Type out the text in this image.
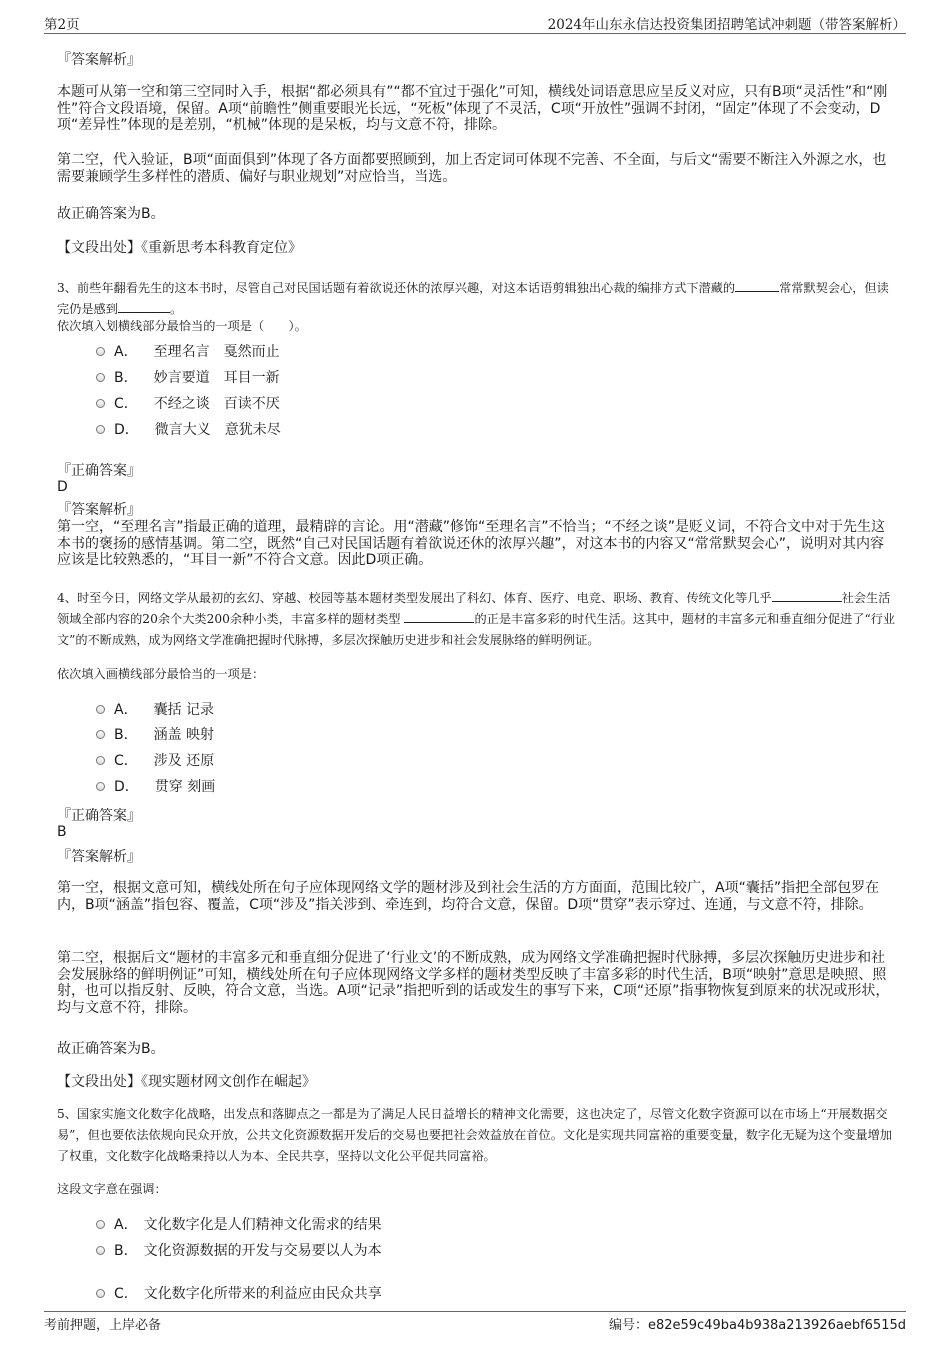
第2页	2024年山东永信达投资集团招聘笔试冲刺题（带答案解析）
『答案解析』

本题可从第一空和第三空同时入手，根据“都必须具有”“都不宜过于强化”可知，横线处词语意思应呈反义对应，只有B项“灵活性”和“刚性”符合文段语境，保留。A项“前瞻性”侧重要眼光长远，“死板”体现了不灵活，C项“开放性”强调不封闭，“固定”体现了不会变动，D项“差异性”体现的是差别，“机械”体现的是呆板，均与文意不符，排除。

第二空，代入验证，B项“面面俱到”体现了各方面都要照顾到，加上否定词可体现不完善、不全面，与后文“需要不断注入外源之水，也需要兼顾学生多样性的潜质、偏好与职业规划”对应恰当，当选。

故正确答案为B。
【文段出处】《重新思考本科教育定位》

3、前些年翻看先生的这本书时，尽管自己对民国话题有着欲说还休的浓厚兴趣，对这本话语剪辑独出心裁的编排方式下潜藏的	常常默契会心，但读完仍是感到	。

依次填入划横线部分最恰当的一项是（　　）。
A． 至理名言　戛然而止
B． 妙言要道　耳目一新
C． 不经之谈　百读不厌
D． 微言大义　意犹未尽
『正确答案』
D
『答案解析』

第一空，“至理名言”指最正确的道理，最精辟的言论。用“潜藏”修饰“至理名言”不恰当；“不经之谈”是贬义词，不符合文中对于先生这本书的褒扬的感情基调。第二空，既然“自己对民国话题有着欲说还休的浓厚兴趣”，对这本书的内容又“常常默契会心”，说明对其内容应该是比较熟悉的，“耳目一新”不符合文意。因此D项正确。

4、时至今日，网络文学从最初的玄幻、穿越、校园等基本题材类型发展出了科幻、体育、医疗、电竞、职场、教育、传统文化等几乎	社会生活领域全部内容的20余个大类200余种小类，丰富多样的题材类型	的正是丰富多彩的时代生活。这其中，题材的丰富多元和垂直细分促进了“行业文”的不断成熟，成为网络文学准确把握时代脉搏，多层次探触历史进步和社会发展脉络的鲜明例证。

依次填入画横线部分最恰当的一项是：
A． 囊括 记录
B． 涵盖 映射
C． 涉及 还原
D． 贯穿 刻画
『正确答案』
B
『答案解析』

第一空，根据文意可知，横线处所在句子应体现网络文学的题材涉及到社会生活的方方面面，范围比较广，A项“囊括”指把全部包罗在内，B项“涵盖”指包容、覆盖，C项“涉及”指关涉到、牵连到，均符合文意，保留。D项“贯穿”表示穿过、连通，与文意不符，排除。

第二空，根据后文“题材的丰富多元和垂直细分促进了‘行业文’的不断成熟，成为网络文学准确把握时代脉搏，多层次探触历史进步和社会发展脉络的鲜明例证”可知，横线处所在句子应体现网络文学多样的题材类型反映了丰富多彩的时代生活，B项“映射”意思是映照、照射，也可以指反射、反映，符合文意，当选。A项“记录”指把听到的话或发生的事写下来，C项“还原”指事物恢复到原来的状况或形状，均与文意不符，排除。

故正确答案为B。
【文段出处】《现实题材网文创作在崛起》

5、国家实施文化数字化战略，出发点和落脚点之一都是为了满足人民日益增长的精神文化需要，这也决定了，尽管文化数字资源可以在市场上“开展数据交易”，但也要依法依规向民众开放，公共文化资源数据开发后的交易也要把社会效益放在首位。文化是实现共同富裕的重要变量，数字化无疑为这个变量增加了权重，文化数字化战略秉持以人为本、全民共享，坚持以文化公平促共同富裕。

这段文字意在强调：
A． 文化数字化是人们精神文化需求的结果
B． 文化资源数据的开发与交易要以人为本
C． 文化数字化所带来的利益应由民众共享
考前押题，上岸必备	编号：e82e59c49ba4b938a213926aebf6515d
